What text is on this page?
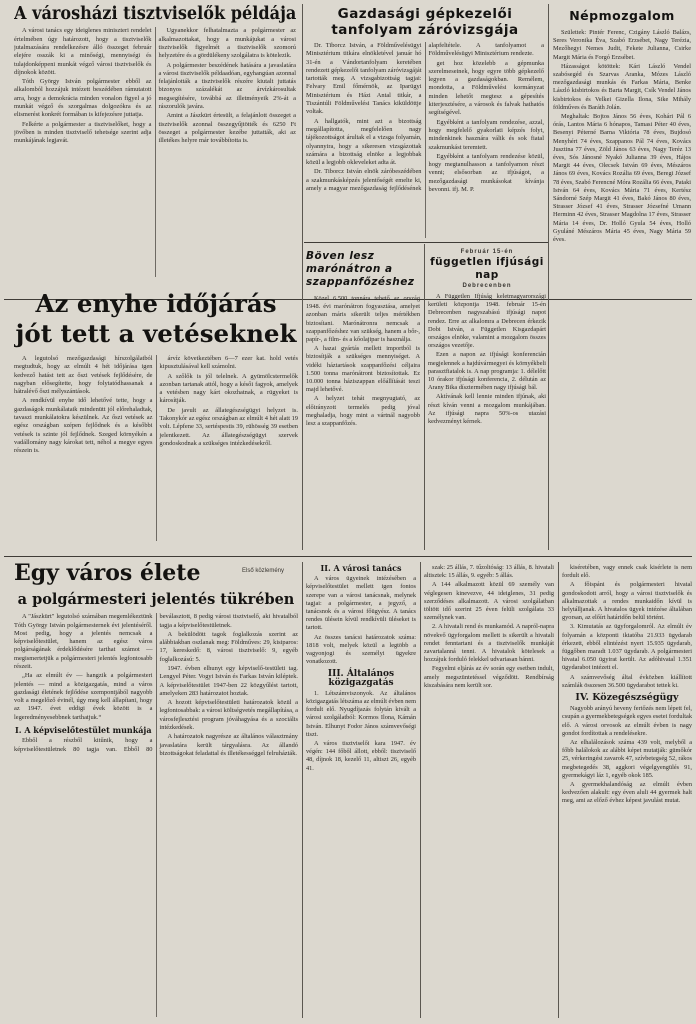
A városházi tisztviselők példája

A városi tanács egy ideiglenes miniszteri rendelet értelmében úgy határozott, hogy a tisztviselők jutalmazására rendelkezésre álló összeget február elejére osszák ki a minőségi, mennyiségi és tulajdonképpeni munkát végző városi tisztviselők és díjnokok között.

Tóth György István polgármester ebből az alkalomból hozzájuk intézett beszédében rámutatott arra, hogy a demokrácia minden vonalon figyel a jó munkát végző és szorgalmas dolgozókra és az elismerést konkrét formában is kifejezésre juttatja.

Felkérte a polgármester a tisztviselőket, hogy a jövőben is minden tisztviselő tehetsége szerint adja munkájának legjavát.

Ugyanekkor felhatalmazta a polgármester az alkalmazottakat, hogy a munkájukat a városi tisztviselők figyelmét a tisztviselők szomorú helyzetére és a gördülékeny szolgálatra is kötelezik.

A polgármester beszédének hatására a javaslatára a városi tisztviselők példaadóan, egyhangúan azonnal felajánlották a tisztviselők részére kiutalt juttatás bizonyos százalékát az árvízkárosultak megsegítésére, továbbá az illetményeik 2%-át a rászorulók javára.

Amint a Jászkürt értesült, a felajánlott összeget a tisztviselők azonnal összegyűjtötték és 6250 Ft összeget a polgármester kezébe juttatták, aki az illetékes helyre már továbbította is.

Gazdasági gépkezelői tanfolyam záróvizsgája

Dr. Tiborcz István, a Földművelésügyi Minisztérium titkára elnökletével január hó 31-én a Vándortanfolyam keretében rendezett gépkezelői tanfolyam záróvizsgáját tartották meg. A vizsgabizottság tagjai: Felvary Emil főmérnök, az Iparügyi Minisztérium és Házi Antal titkár, a Tiszántúli Földművelési Tanács kiküldöttje voltak.

A hallgatók, mint azt a bizottság megállapította, megfelelően nagy tájékozottságot árultak el a vizsga folyamán, olyannyira, hogy a sikeresen vizsgázottak számára a bizottság elnöke a legjobbak közül a legjobb okleveleket adta át.

Dr. Tiborcz István elnök záróbeszédében a szakmunkásképzés jelentőségét emelte ki, amely a magyar mezőgazdaság fejlődésének alapfeltétele. A tanfolyamot a Földművelésügyi Minisztérium rendezte.

get hoz közelebb a gépmunka szerelmeseinek, hogy egyre több gépkezelő legyen a gazdaságokban. Remélem, mondotta, a Földművelési kormányzat minden lehetőt megtesz a gépesítés kiterjesztésére, a városok és falvak hathatós segítségével.

Egyébként a tanfolyam rendezése, azzal, hogy megfelelő gyakorlati képzés folyt, mindenkinek hasznára válik és sok fiatal szakmunkást teremtett.

Egyébként a tanfolyam rendezése közül, hogy megtanulhasson a tanfolyamon részt venni; elsősorban az ifjúságot, a mezőgazdasági munkásokat kívánja bevonni. ifj. M. P.

Népmozgalom

Születtek: Pintér Ferenc, Czigány László Balázs, Seres Veronika Éva, Szabó Erzsébet, Nagy Terézia, Mezőhegyi Nemes Judit, Fekete Julianna, Csirke Margit Mária és Forgó Erzsébet.

Házasságot kötöttek: Kári László Vendel szabósegéd és Szarvas Aranka, Mózes László mezőgazdasági munkás és Farkas Mária, Benke László kisbirtokos és Barta Margit, Csík Vendel János kisbirtokos és Velkei Gizella Ilona, Sike Mihály földműves és Baráth Jolán.

Meghaltak: Bojtos János 56 éves, Kohári Pál 6 órás, Lantos Mária 6 hónapos, Tamasi Péter 40 éves, Besenyi Péterné Barna Viktória 78 éves, Bujdosó Menyhért 74 éves, Szappanos Pál 74 éves, Kovács Jusztina 77 éves, Zöld János 63 éves, Nagy Teréz 13 éves, Sós Jánosné Nyakó Julianna 39 éves, Hájos Margit 44 éves, Olecsek István 69 éves, Mészáros János 69 éves, Kovács Rozália 69 éves, Beregi József 78 éves, Szabó Ferencné Móra Rozália 66 éves, Pataki István 64 éves, Kovács Mária 71 éves, Kertész Sándorné Szép Margit 41 éves, Bakó János 80 éves, Strasser József 41 éves, Strasser Józsefné Umann Herminn 42 éves, Strasser Magdolna 17 éves, Strasser Mária 14 éves, Dr. Holló Gyula 54 éves, Holló Gyuláné Mészáros Mária 45 éves, Nagy Mária 59 éves.

Az enyhe időjárás jót tett a vetéseknek

A legutolsó mezőgazdasági hírszolgálatból megtudtuk, hogy az elmúlt 4 hét időjárása igen kedvező hatást tett az őszi vetések fejlődésére, de nagyban elősegítette, hogy folytatódhassanak a hátralévő őszi mélyszántások.

A rendkívül enyhe idő lehetővé tette, hogy a gazdaságok munkálataik mindenütt jól előrehaladtak, tavaszi munkálatokra készülnek. Az őszi vetések az egész országban szépen fejlődnek és a későbbi vetések is szinte jól fejlődnek. Szeged környékén a vadállomány nagy károkat tett, néhol a megye egyes részein is.

árvíz következtében 6—7 ezer kat. hold vetés kipusztulásával kell számolni.

A szőlők is jól telelnek. A gyümölcstermelők azonban tartanak attól, hogy a késői fagyok, amelyek a vetésben nagy kárt okozhatnak, a rügyeket is károsítják.

De javult az állategészségügyi helyzet is. Takonykór az egész országban az elmúlt 4 hét alatt 19 volt. Lépfene 33, sertéspestis 39, rühösség 39 esetben jelentkezett. Az állategészségügyi szervek gondoskodnak a szükséges intézkedésekről.

Böven lesz marónátron a szappanfőzéshez

Közel 6.500 tonnára tehető az ország 1948. évi marónátron fogyasztása, amelyet azonban máris sikerült teljes mértékben biztosítani. Marónátronra nemcsak a szappanfőzéshez van szükség, hanem a bőr-, papír-, a film- és a kőolajipar is használja.

A hazai gyártás mellett importból is biztosítják a szükséges mennyiséget. A vidéki háztartások szappanfőzési céljaira 1.500 tonna marónátront biztosítottak. Ez 10.000 tonna háziszappan előállítását teszi majd lehetővé.

A helyzet tehát megnyugtató, az előirányzott termelés pedig jóval meghaladja, hogy mint a vártnál nagyobb lesz a szappanfőzés.

Február 15-én
független ifjúsági nap
Debrecenben

A Független Ifjúság keletmagyarországi kerületi központja 1948. február 15-én Debrecenben nagyszabású ifjúsági napot rendez. Erre az alkalomra a Debrecen érkezik Dobi István, a Független Kisgazdapárt országos elnöke, valamint a mozgalom összes országos vezetője.

Ezen a napon az ifjúsági konferencián megjelennek a hajdúvármegyei és környékbeli parasztfiatalok is. A nap programja: 1. délelőtt 10 órakor ifjúsági konferencia, 2. délután az Arany Bika dísztermében nagy ifjúsági bál.

Aktívának kell lennie minden ifjúnak, aki részt kíván venni a mozgalom munkájában. Az ifjúsági napra 50%-os utazási kedvezményt kérnek.

Egy város élete	Első közlemény
a polgármesteri jelentés tükrében

A "Jászkürt" legutolsó számában megemlékeztünk Tóth György István polgármesternek évi jelentéséről. Most pedig, hogy a jelentés nemcsak a képviselőtestület, hanem az egész város polgárságának érdeklődésére tarthat számot — megismertetjük a polgármesteri jelentés legfontosabb részeit.

„Ha az elmúlt év — hangzik a polgármesteri jelentés — mind a közigazgatás, mind a város gazdasági életének fejlődése szempontjából nagyobb volt a megelőző évinél, úgy meg kell állapítani, hogy az 1947. évet eddigi évek között is a legeredményesebbnek tarthatjuk.“

I. A képviselőtestület munkája

Ebből a részből kitűnik, hogy a képviselőtestületnek 80 tagja van. Ebből 80 beválasztott, 8 pedig városi tisztviselő, aki hivatalból tagja a képviselőtestületnek.

A bekülödött tagok foglalkozás szerint az alábbiakban oszlanak meg: Földműves: 29, kisiparos: 17, kereskedő: 8, városi tisztviselő: 9, egyéb foglalkozású: 5.

1947. évben elhunyt egy képviselő-testületi tag. Lengyel Péter. Vogyi István és Farkas István kiléptek. A képviselőtestület 1947-ben 22 közgyűlést tartott, amelyeken 283 határozatot hoztak.

A hozott képviselőtestületi határozatok közül a legfontosabbak: a városi költségvetés megállapítása, a városfejlesztési program jóváhagyása és a szociális intézkedések.

A határozatok nagyrésze az általános választmány javaslatára került tárgyalásra. Az állandó bizottságokat feladattal és illetékességgel felruházták.

II. A városi tanács

A város ügyeinek intézésében a képviselőtestület mellett igen fontos szerepe van a városi tanácsnak, melynek tagjai: a polgármester, a jegyző, a tanácsnok és a városi főügyész. A tanács rendes ülésein kívül rendkívüli üléseket is tartott.

Az összes tanácsi határozatok száma: 1818 volt, melyek közül a legtöbb a vagyonjogi és személyi ügyekre vonatkozott.

III. Általános közigazgatás

1. Létszámviszonyok. Az általános közigazgatás létszáma az elmúlt évben nem fordult elő. Nyugdíjazás folytán kivált a városi szolgálatból: Kormos Ilona, Kámán István. Elhunyt Fodor János számvevőségi tiszt.

A város tisztviselői kara 1947. év végén: 144 főből állott, ebből: tisztviselő 48, díjnok 18, kezelő 11, altiszt 26, egyéb 41.

szak: 25 állás, 7. tűzoltóság: 13 állás, 8. hivatali altisztek: 15 állás, 9. egyéb: 5 állás.

A 144 alkalmazott közül 69 személy van véglegesen kinevezve, 44 ideiglenes, 31 pedig szerződéses alkalmazott. A városi szolgálatban töltött idő szerint 25 éven felüli szolgálata 33 személynek van.

2. A hivatali rend és munkamód. A napról-napra növekvő ügyforgalom mellett is sikerült a hivatali rendet fenntartani és a tisztviselők munkáját zavartalanná tenni. A hivatalok kötelesek a hozzájuk forduló felekkel udvariasan bánni.

Fegyelmi eljárás az év során egy esetben indult, amely megszüntetéssel végződött. Rendbírság kiszabására nem került sor.

kiséretében, vagy ennek csak kisérlete is nem fordult elő.

A főispáni és polgármesteri hivatal gondoskodott arról, hogy a városi tisztviselők és alkalmazottak a rendes munkaidőn kívül is helytálljanak. A hivatalos ügyek intézése általában gyorsan, az előírt határidőn belül történt.

3. Kimutatás az ügyforgalomról. Az elmúlt év folyamán a központi iktatóba 21.933 ügydarab érkezett, ebből elintézést nyert 15.935 ügydarab, függőben maradt 1.037 ügydarab. A polgármesteri hivatal 6.050 ügyirat került. Az adóhivatal 1.351 ügydarabot intézett el.

A számvevőség által évközben kiállított számlák összesen 36.500 ügydarabot tettek ki.

IV. Közegészségügy

Nagyobb arányú heveny fertőzés nem lépett fel, csupán a gyermekbetegségek egyes esetei fordultak elő. A városi orvosok az elmúlt évben is nagy gondot fordítottak a rendelésekre.

Az elhalálozások száma 439 volt, melyből a főbb halálokok az alábbi képet mutatják: gümőkór 25, vérkeringési zavarok 47, szívbetegség 52, rákos megbetegedés 38, aggkori végelgyengülés 91, gyermekágyi láz 1, egyéb okok 185.

A gyermekhalandóság az elmúlt évben kedvezően alakult: egy éven aluli 44 gyermek halt meg, ami az előző évhez képest javulást mutat.
